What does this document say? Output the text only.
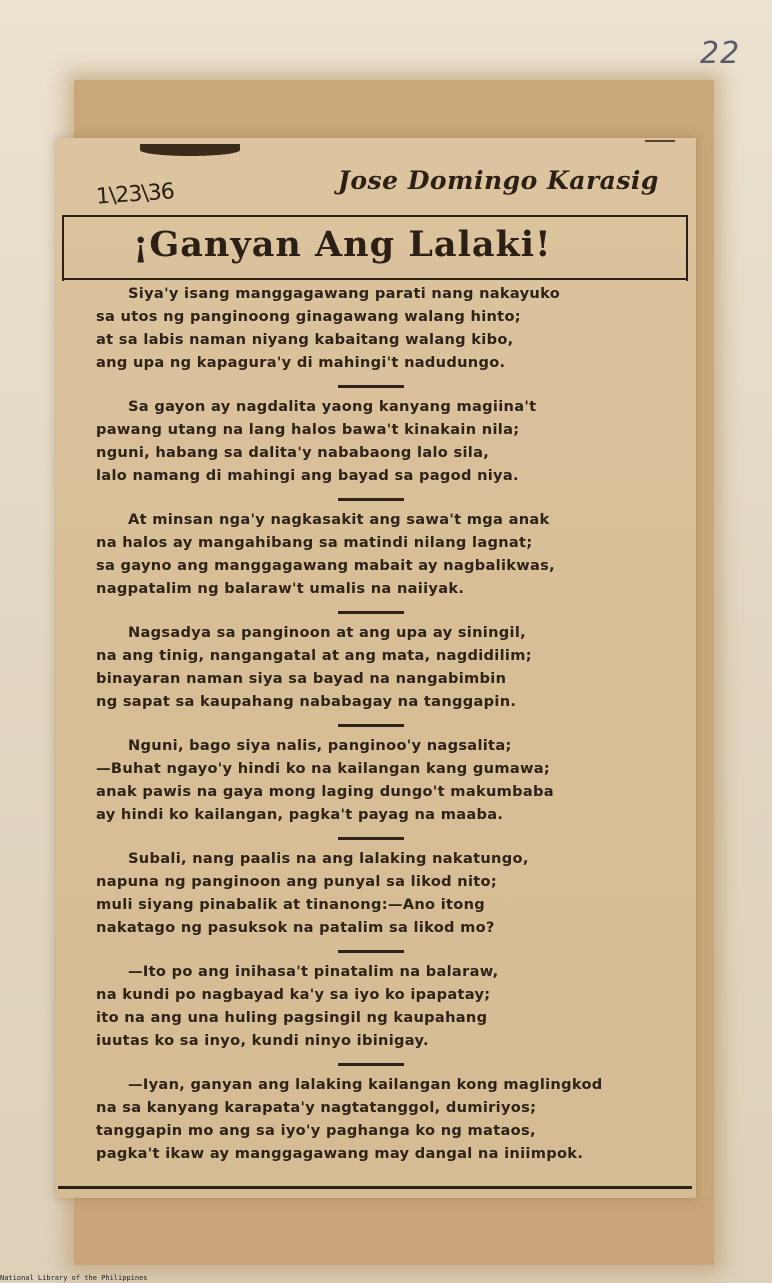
22
1\23\36	Jose Domingo Karasig
¡Ganyan Ang Lalaki!
Siya'y isang manggagawang parati nang nakayuko
sa utos ng panginoong ginagawang walang hinto;
at sa labis naman niyang kabaitang walang kibo,
ang upa ng kapagura'y di mahingi't nadudungo.
Sa gayon ay nagdalita yaong kanyang magiina't
pawang utang na lang halos bawa't kinakain nila;
nguni, habang sa dalita'y nababaong lalo sila,
lalo namang di mahingi ang bayad sa pagod niya.
At minsan nga'y nagkasakit ang sawa't mga anak
na halos ay mangahibang sa matindi nilang lagnat;
sa gayno ang manggagawang mabait ay nagbalikwas,
nagpatalim ng balaraw't umalis na naiiyak.
Nagsadya sa panginoon at ang upa ay siningil,
na ang tinig, nangangatal at ang mata, nagdidilim;
binayaran naman siya sa bayad na nangabimbin
ng sapat sa kaupahang nababagay na tanggapin.
Nguni, bago siya nalis, panginoo'y nagsalita;
—Buhat ngayo'y hindi ko na kailangan kang gumawa;
anak pawis na gaya mong laging dungo't makumbaba
ay hindi ko kailangan, pagka't payag na maaba.
Subali, nang paalis na ang lalaking nakatungo,
napuna ng panginoon ang punyal sa likod nito;
muli siyang pinabalik at tinanong:—Ano itong
nakatago ng pasuksok na patalim sa likod mo?
—Ito po ang inihasa't pinatalim na balaraw,
na kundi po nagbayad ka'y sa iyo ko ipapatay;
ito na ang una huling pagsingil ng kaupahang
iuutas ko sa inyo, kundi ninyo ibinigay.
—Iyan, ganyan ang lalaking kailangan kong maglingkod
na sa kanyang karapata'y nagtatanggol, dumiriyos;
tanggapin mo ang sa iyo'y paghanga ko ng mataos,
pagka't ikaw ay manggagawang may dangal na iniimpok.
National Library of the Philippines
